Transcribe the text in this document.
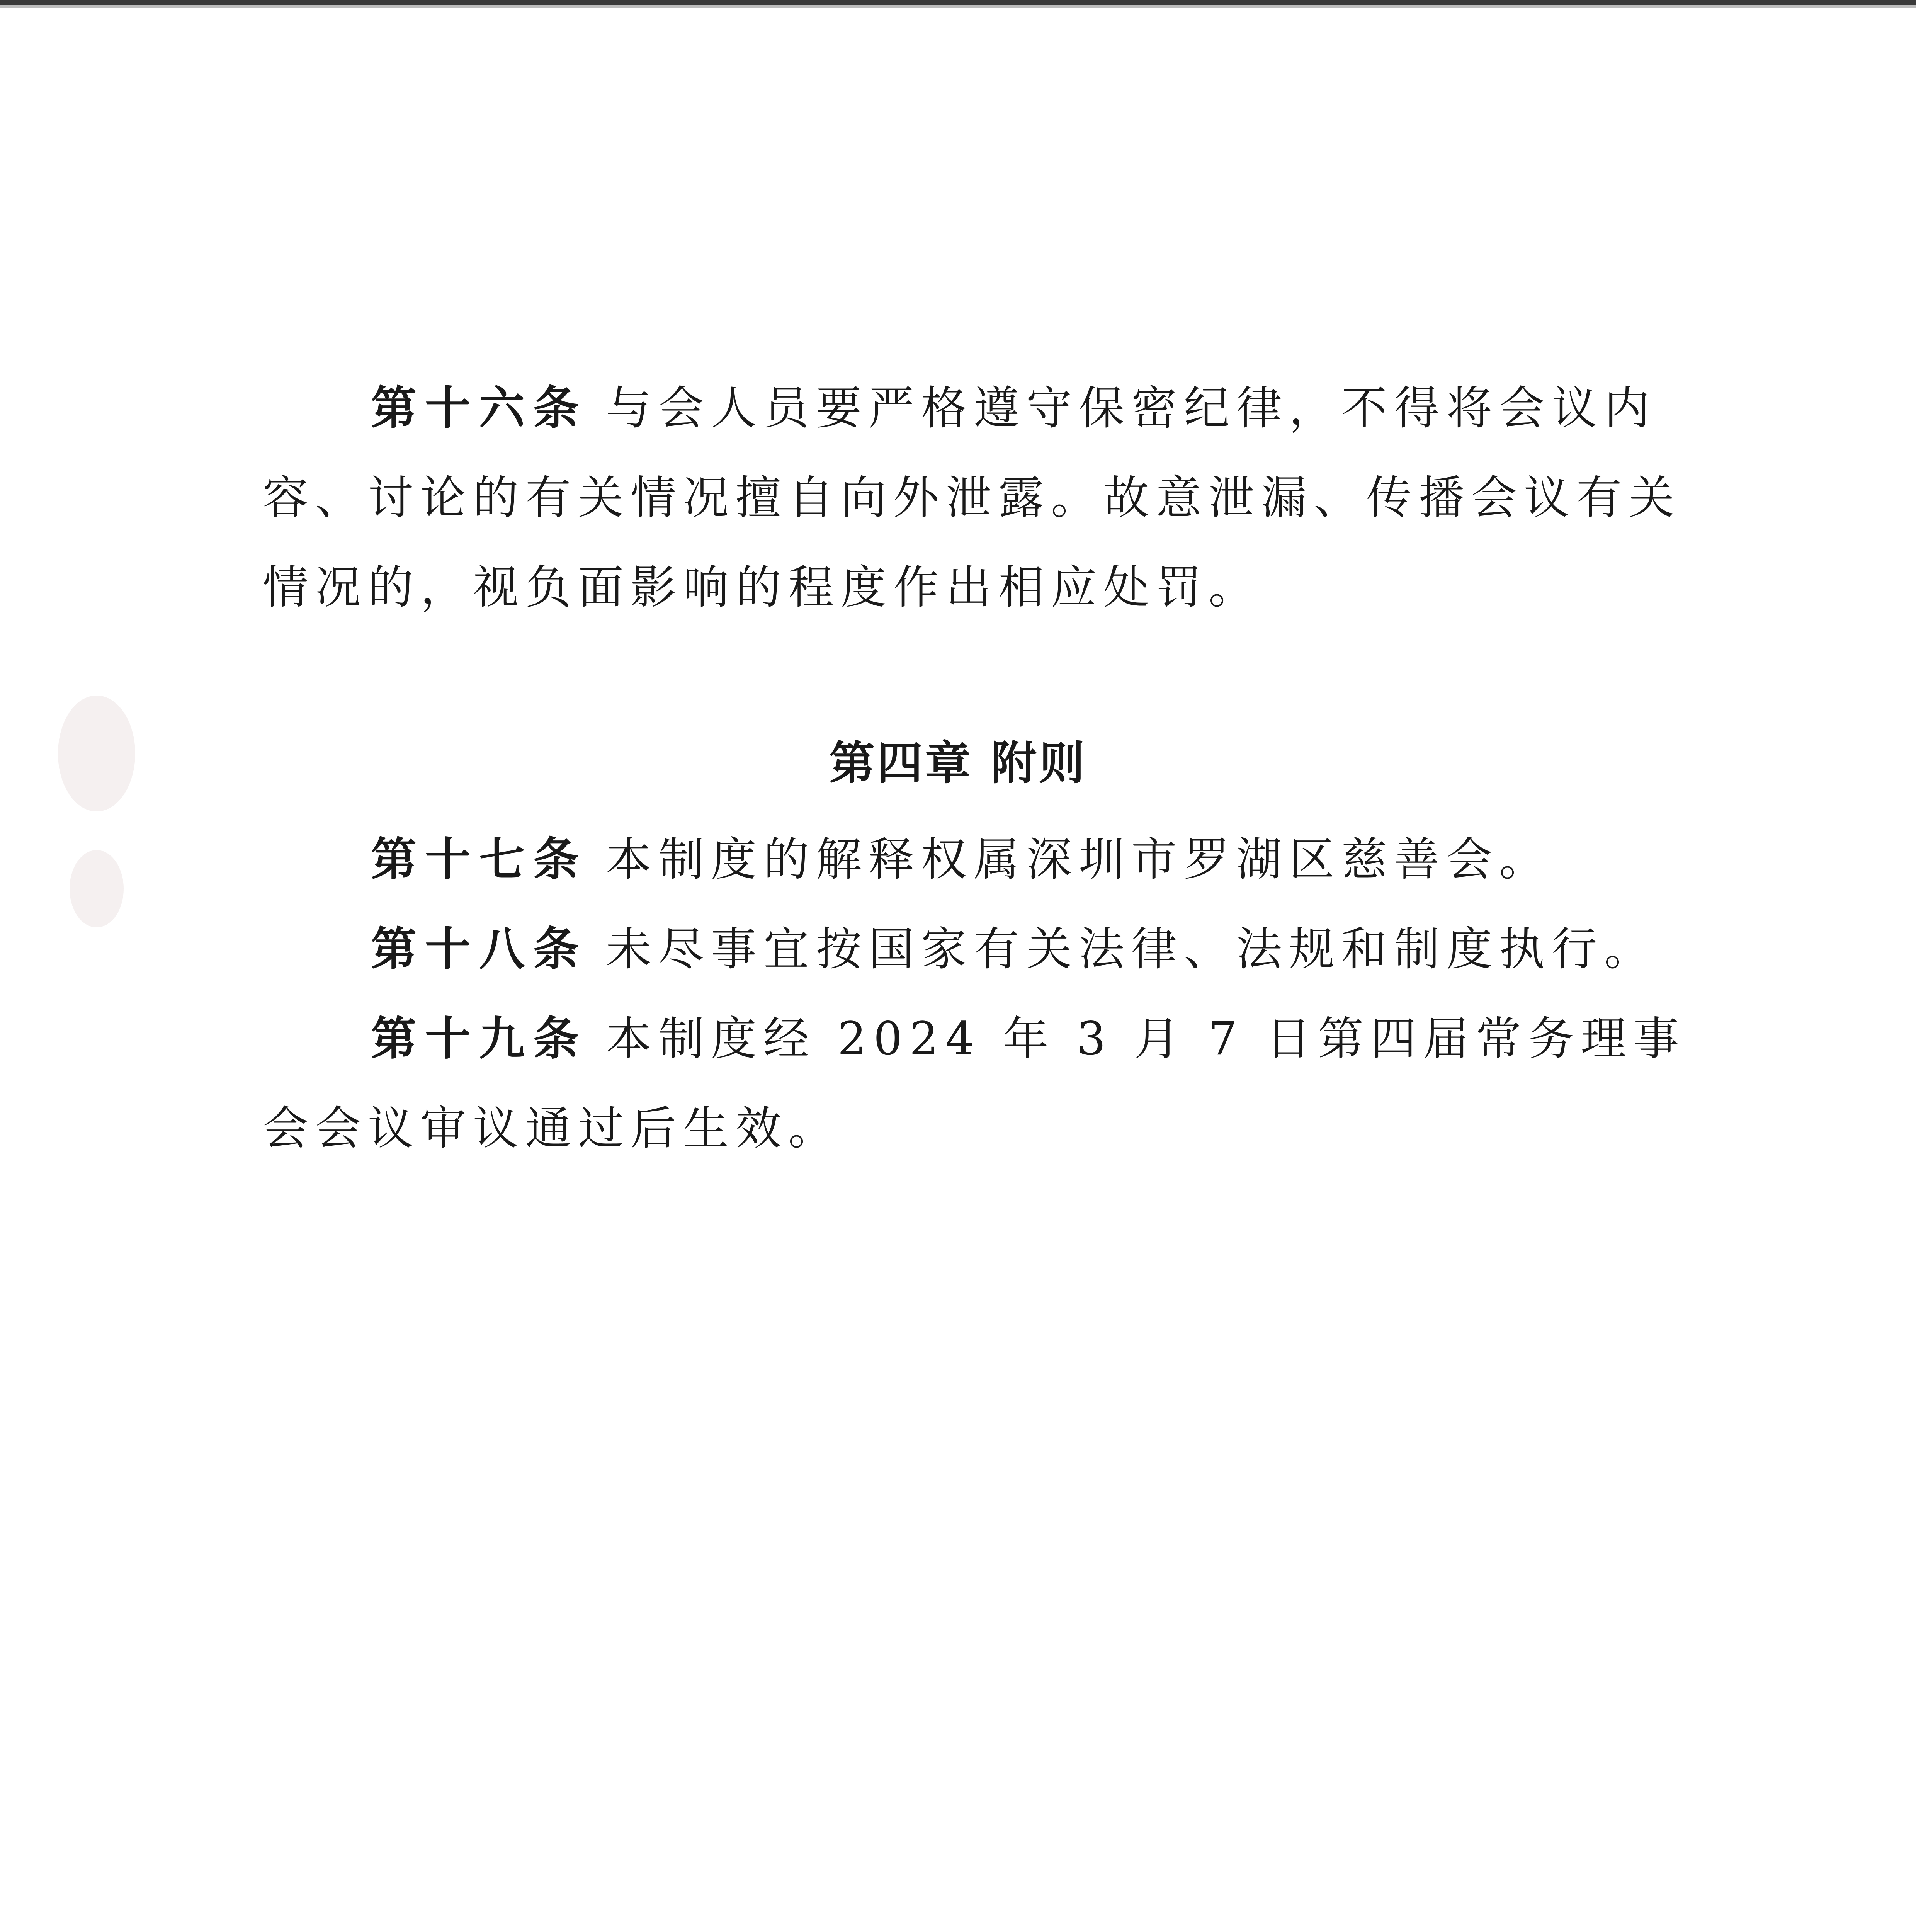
第十六条 与会人员要严格遵守保密纪律，不得将会议内容、讨论的有关情况擅自向外泄露。故意泄漏、传播会议有关情况的，视负面影响的程度作出相应处罚。

第四章 附则

第十七条 本制度的解释权属深圳市罗湖区慈善会。

第十八条 未尽事宜按国家有关法律、法规和制度执行。

第十九条 本制度经 2024 年 3 月 7 日第四届常务理事会会议审议通过后生效。
